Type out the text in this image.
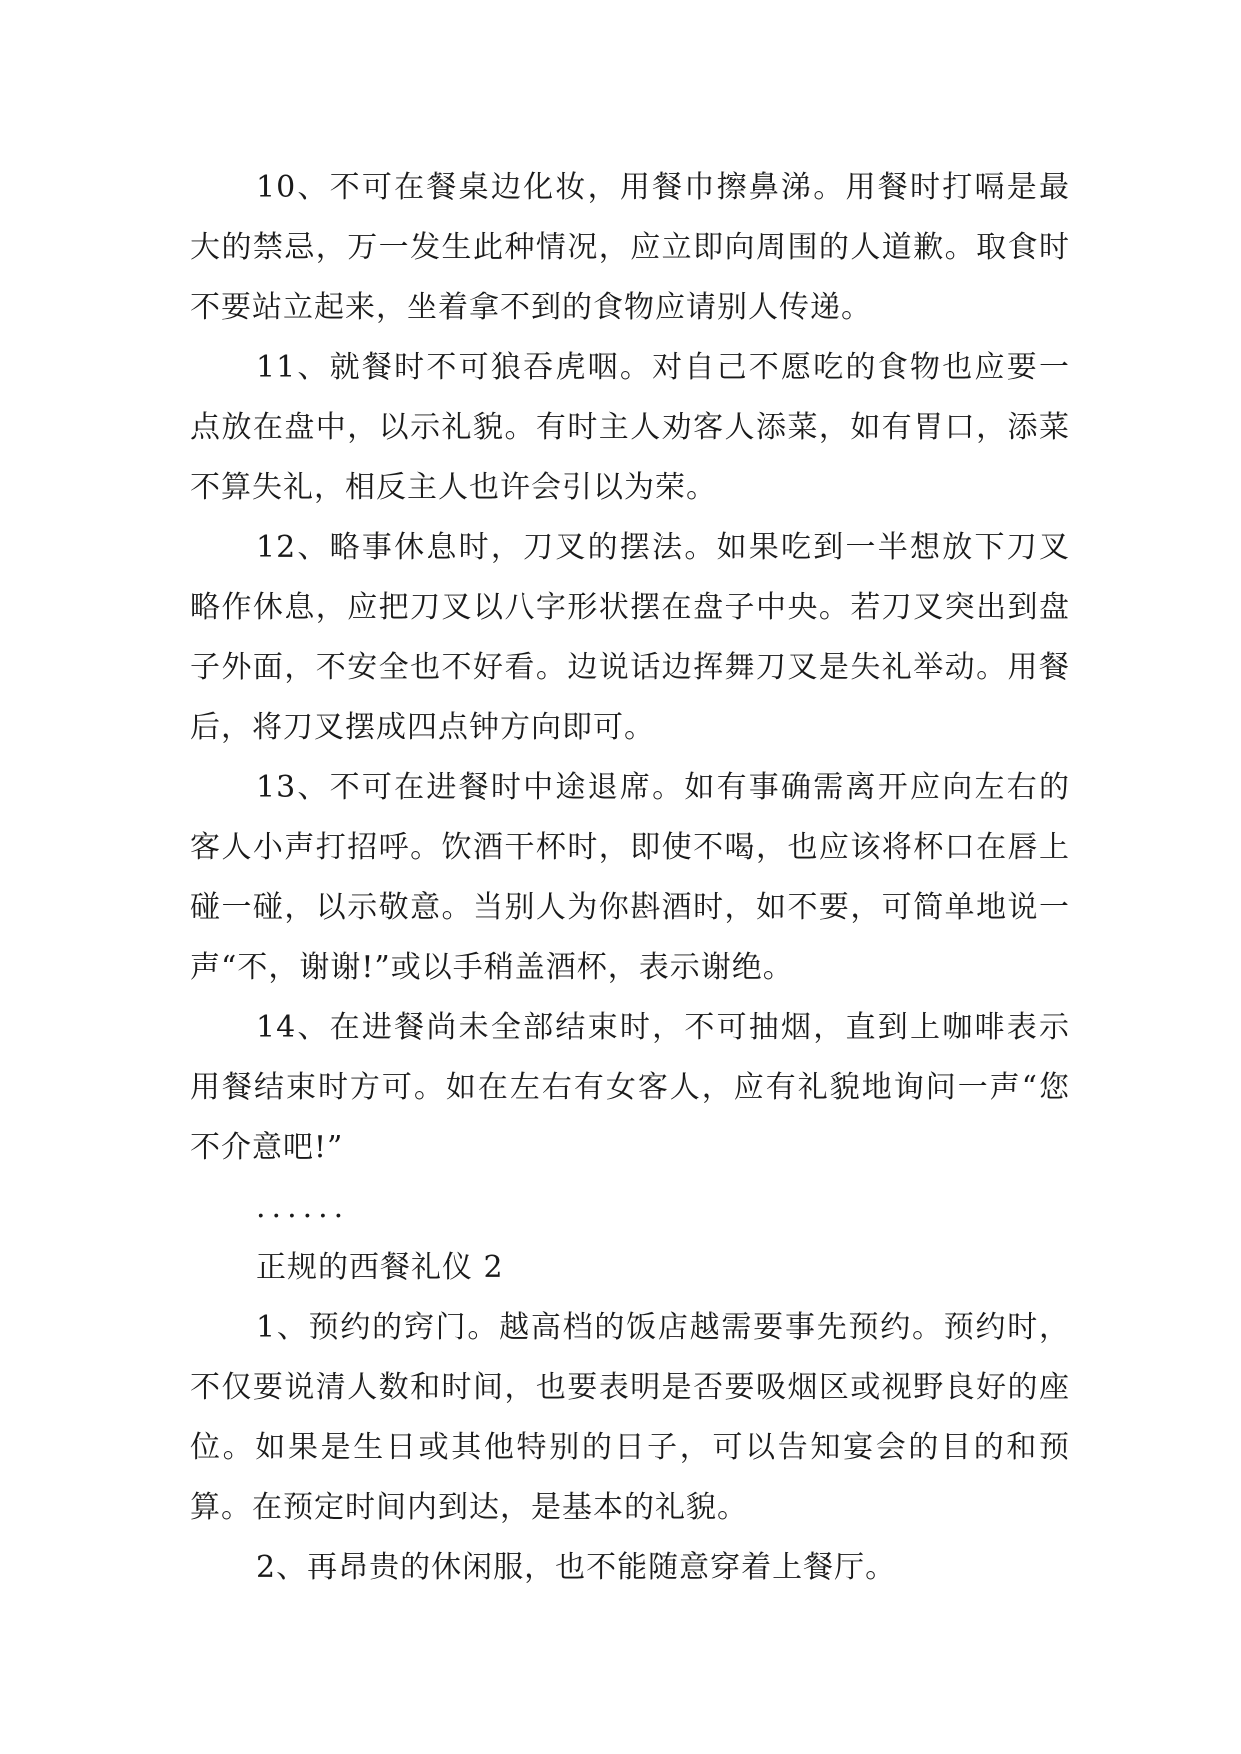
10、不可在餐桌边化妆，用餐巾擦鼻涕。用餐时打嗝是最大的禁忌，万一发生此种情况，应立即向周围的人道歉。取食时不要站立起来，坐着拿不到的食物应请别人传递。

11、就餐时不可狼吞虎咽。对自己不愿吃的食物也应要一点放在盘中，以示礼貌。有时主人劝客人添菜，如有胃口，添菜不算失礼，相反主人也许会引以为荣。

12、略事休息时，刀叉的摆法。如果吃到一半想放下刀叉略作休息，应把刀叉以八字形状摆在盘子中央。若刀叉突出到盘子外面，不安全也不好看。边说话边挥舞刀叉是失礼举动。用餐后，将刀叉摆成四点钟方向即可。

13、不可在进餐时中途退席。如有事确需离开应向左右的客人小声打招呼。饮酒干杯时，即使不喝，也应该将杯口在唇上碰一碰，以示敬意。当别人为你斟酒时，如不要，可简单地说一声“不，谢谢!”或以手稍盖酒杯，表示谢绝。

14、在进餐尚未全部结束时，不可抽烟，直到上咖啡表示用餐结束时方可。如在左右有女客人，应有礼貌地询问一声“您不介意吧!”

......

正规的西餐礼仪 2

1、预约的窍门。越高档的饭店越需要事先预约。预约时，不仅要说清人数和时间，也要表明是否要吸烟区或视野良好的座位。如果是生日或其他特别的日子，可以告知宴会的目的和预算。在预定时间内到达，是基本的礼貌。

2、再昂贵的休闲服，也不能随意穿着上餐厅。
